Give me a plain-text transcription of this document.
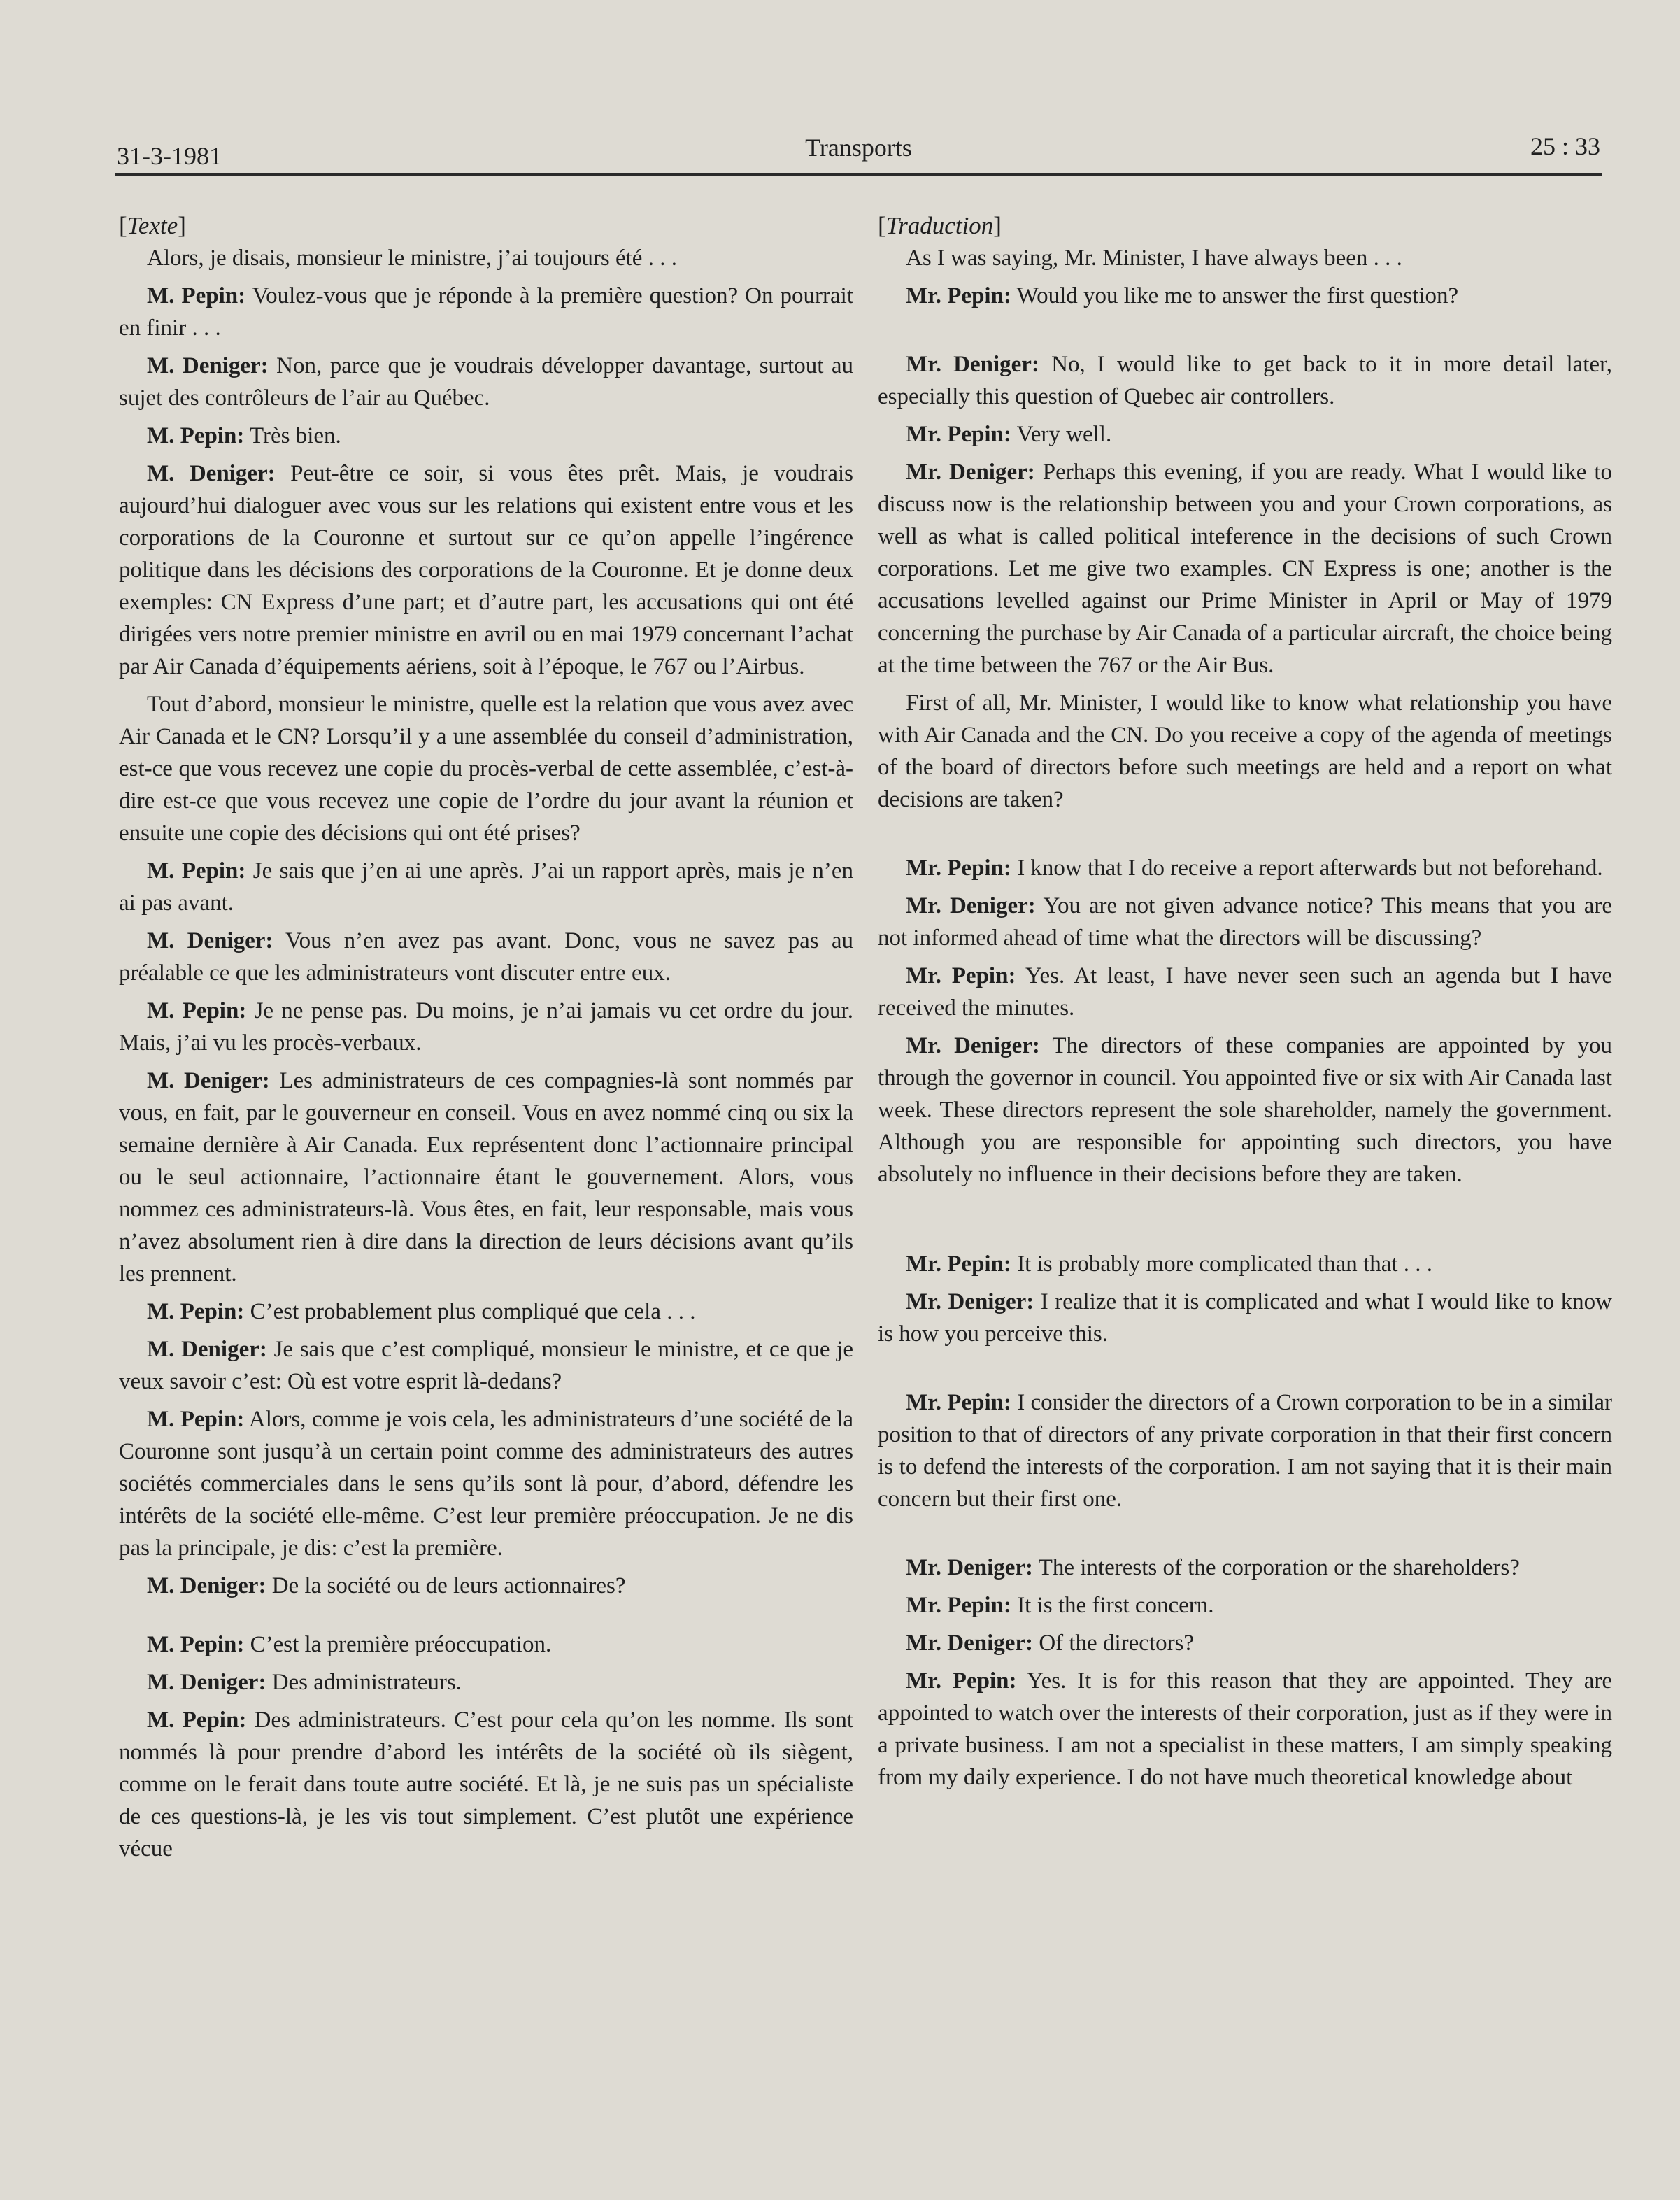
31-3-1981	Transports	25 : 33

[Texte]

Alors, je disais, monsieur le ministre, j’ai toujours été . . .

M. Pepin: Voulez-vous que je réponde à la première question? On pourrait en finir . . .

M. Deniger: Non, parce que je voudrais développer davantage, surtout au sujet des contrôleurs de l’air au Québec.

M. Pepin: Très bien.

M. Deniger: Peut-être ce soir, si vous êtes prêt. Mais, je voudrais aujourd’hui dialoguer avec vous sur les relations qui existent entre vous et les corporations de la Couronne et surtout sur ce qu’on appelle l’ingérence politique dans les décisions des corporations de la Couronne. Et je donne deux exemples: CN Express d’une part; et d’autre part, les accusations qui ont été dirigées vers notre premier ministre en avril ou en mai 1979 concernant l’achat par Air Canada d’équipements aériens, soit à l’époque, le 767 ou l’Airbus.

Tout d’abord, monsieur le ministre, quelle est la relation que vous avez avec Air Canada et le CN? Lorsqu’il y a une assemblée du conseil d’administration, est-ce que vous recevez une copie du procès-verbal de cette assemblée, c’est-à-dire est-ce que vous recevez une copie de l’ordre du jour avant la réunion et ensuite une copie des décisions qui ont été prises?

M. Pepin: Je sais que j’en ai une après. J’ai un rapport après, mais je n’en ai pas avant.

M. Deniger: Vous n’en avez pas avant. Donc, vous ne savez pas au préalable ce que les administrateurs vont discuter entre eux.

M. Pepin: Je ne pense pas. Du moins, je n’ai jamais vu cet ordre du jour. Mais, j’ai vu les procès-verbaux.

M. Deniger: Les administrateurs de ces compagnies-là sont nommés par vous, en fait, par le gouverneur en conseil. Vous en avez nommé cinq ou six la semaine dernière à Air Canada. Eux représentent donc l’actionnaire principal ou le seul actionnaire, l’actionnaire étant le gouvernement. Alors, vous nommez ces administrateurs-là. Vous êtes, en fait, leur responsable, mais vous n’avez absolument rien à dire dans la direction de leurs décisions avant qu’ils les prennent.

M. Pepin: C’est probablement plus compliqué que cela . . .

M. Deniger: Je sais que c’est compliqué, monsieur le ministre, et ce que je veux savoir c’est: Où est votre esprit là-dedans?

M. Pepin: Alors, comme je vois cela, les administrateurs d’une société de la Couronne sont jusqu’à un certain point comme des administrateurs des autres sociétés commerciales dans le sens qu’ils sont là pour, d’abord, défendre les intérêts de la société elle-même. C’est leur première préoccupation. Je ne dis pas la principale, je dis: c’est la première.

M. Deniger: De la société ou de leurs actionnaires?

M. Pepin: C’est la première préoccupation.

M. Deniger: Des administrateurs.

M. Pepin: Des administrateurs. C’est pour cela qu’on les nomme. Ils sont nommés là pour prendre d’abord les intérêts de la société où ils siègent, comme on le ferait dans toute autre société. Et là, je ne suis pas un spécialiste de ces questions-là, je les vis tout simplement. C’est plutôt une expérience vécue

[Traduction]

As I was saying, Mr. Minister, I have always been . . .

Mr. Pepin: Would you like me to answer the first question?

Mr. Deniger: No, I would like to get back to it in more detail later, especially this question of Quebec air controllers.

Mr. Pepin: Very well.

Mr. Deniger: Perhaps this evening, if you are ready. What I would like to discuss now is the relationship between you and your Crown corporations, as well as what is called political inteference in the decisions of such Crown corporations. Let me give two examples. CN Express is one; another is the accusations levelled against our Prime Minister in April or May of 1979 concerning the purchase by Air Canada of a particular aircraft, the choice being at the time between the 767 or the Air Bus.

First of all, Mr. Minister, I would like to know what relationship you have with Air Canada and the CN. Do you receive a copy of the agenda of meetings of the board of directors before such meetings are held and a report on what decisions are taken?

Mr. Pepin: I know that I do receive a report afterwards but not beforehand.

Mr. Deniger: You are not given advance notice? This means that you are not informed ahead of time what the directors will be discussing?

Mr. Pepin: Yes. At least, I have never seen such an agenda but I have received the minutes.

Mr. Deniger: The directors of these companies are appointed by you through the governor in council. You appointed five or six with Air Canada last week. These directors represent the sole shareholder, namely the government. Although you are responsible for appointing such directors, you have absolutely no influence in their decisions before they are taken.

Mr. Pepin: It is probably more complicated than that . . .

Mr. Deniger: I realize that it is complicated and what I would like to know is how you perceive this.

Mr. Pepin: I consider the directors of a Crown corporation to be in a similar position to that of directors of any private corporation in that their first concern is to defend the interests of the corporation. I am not saying that it is their main concern but their first one.

Mr. Deniger: The interests of the corporation or the shareholders?

Mr. Pepin: It is the first concern.

Mr. Deniger: Of the directors?

Mr. Pepin: Yes. It is for this reason that they are appointed. They are appointed to watch over the interests of their corporation, just as if they were in a private business. I am not a specialist in these matters, I am simply speaking from my daily experience. I do not have much theoretical knowledge about
